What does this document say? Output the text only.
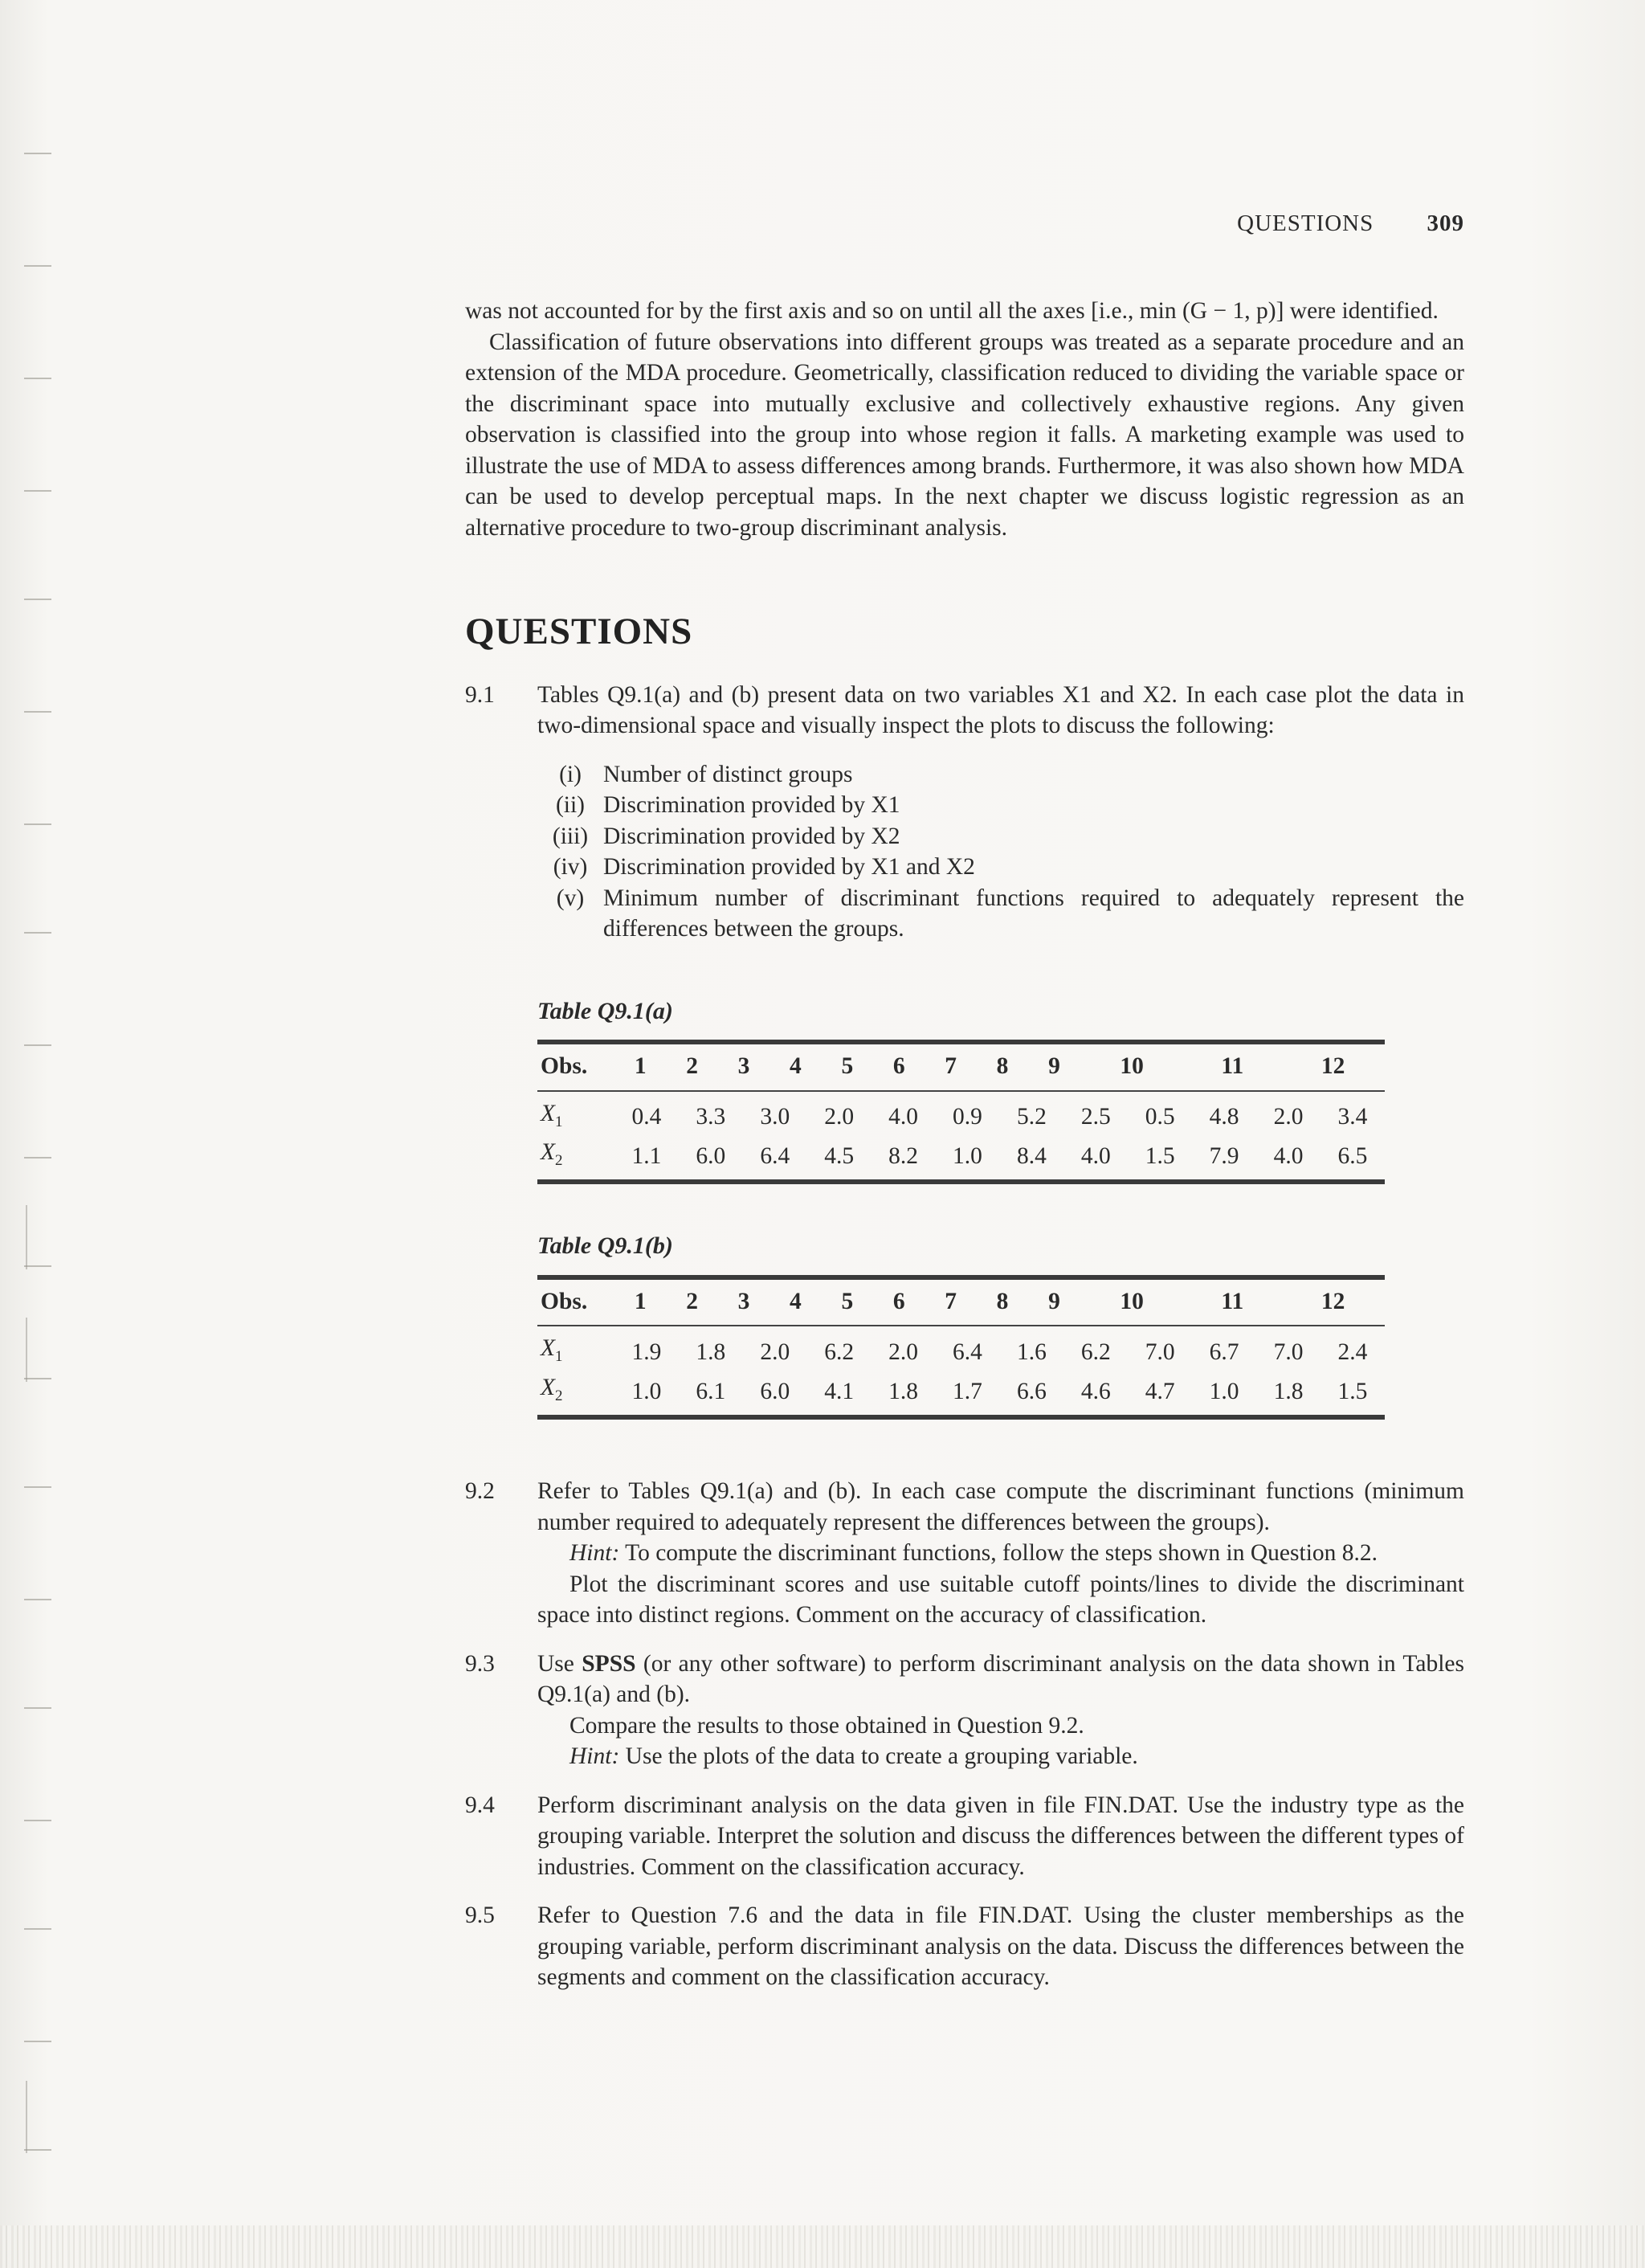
QUESTIONS 309

was not accounted for by the first axis and so on until all the axes [i.e., min (G − 1, p)] were identified.

Classification of future observations into different groups was treated as a separate procedure and an extension of the MDA procedure. Geometrically, classification reduced to dividing the variable space or the discriminant space into mutually exclusive and collectively exhaustive regions. Any given observation is classified into the group into whose region it falls. A marketing example was used to illustrate the use of MDA to assess differences among brands. Furthermore, it was also shown how MDA can be used to develop perceptual maps. In the next chapter we discuss logistic regression as an alternative procedure to two-group discriminant analysis.

QUESTIONS
9.1	Tables Q9.1(a) and (b) present data on two variables X1 and X2. In each case plot the data in two-dimensional space and visually inspect the plots to discuss the following:

(i) Number of distinct groups
(ii) Discrimination provided by X1
(iii) Discrimination provided by X2
(iv) Discrimination provided by X1 and X2
(v) Minimum number of discriminant functions required to adequately represent the differences between the groups.
Table Q9.1(a)
Obs.	1	2	3	4	5	6	7	8	9	10	11	12
$X_1$	0.4	3.3	3.0	2.0	4.0	0.9	5.2	2.5	0.5	4.8	2.0	3.4
$X_2$	1.1	6.0	6.4	4.5	8.2	1.0	8.4	4.0	1.5	7.9	4.0	6.5
Table Q9.1(b)
Obs.	1	2	3	4	5	6	7	8	9	10	11	12
$X_1$	1.9	1.8	2.0	6.2	2.0	6.4	1.6	6.2	7.0	6.7	7.0	2.4
$X_2$	1.0	6.1	6.0	4.1	1.8	1.7	6.6	4.6	4.7	1.0	1.8	1.5
9.2	Refer to Tables Q9.1(a) and (b). In each case compute the discriminant functions (minimum number required to adequately represent the differences between the groups).

Hint: To compute the discriminant functions, follow the steps shown in Question 8.2.

Plot the discriminant scores and use suitable cutoff points/lines to divide the discriminant space into distinct regions. Comment on the accuracy of classification.

9.3	Use SPSS (or any other software) to perform discriminant analysis on the data shown in Tables Q9.1(a) and (b).

Compare the results to those obtained in Question 9.2.

Hint: Use the plots of the data to create a grouping variable.

9.4	Perform discriminant analysis on the data given in file FIN.DAT. Use the industry type as the grouping variable. Interpret the solution and discuss the differences between the different types of industries. Comment on the classification accuracy.

9.5	Refer to Question 7.6 and the data in file FIN.DAT. Using the cluster memberships as the grouping variable, perform discriminant analysis on the data. Discuss the differences between the segments and comment on the classification accuracy.
